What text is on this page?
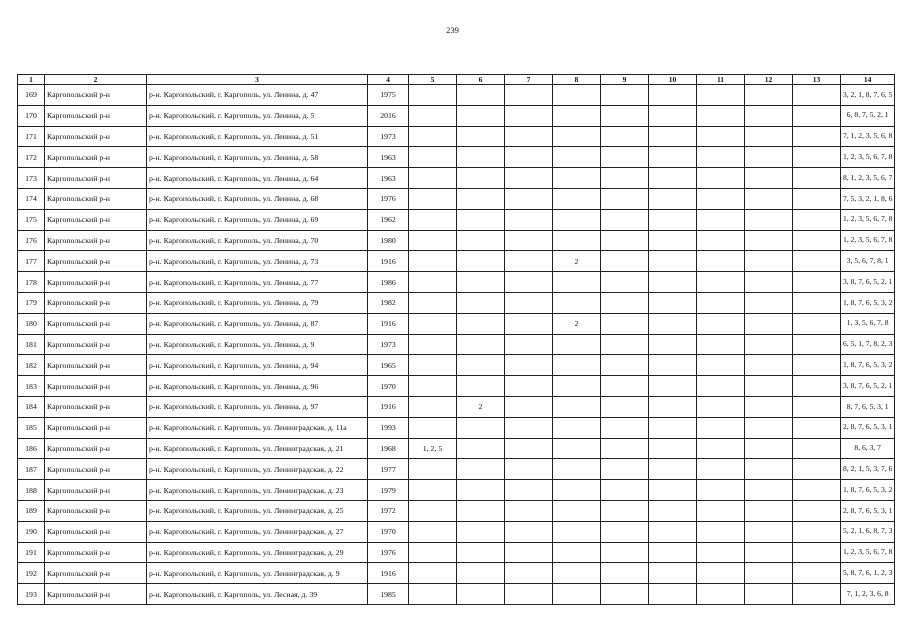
239
1	2	3	4	5	6	7	8	9	10	11	12	13	14
169	Каргопольский р-н	р-н. Каргопольский, г. Каргополь, ул. Ленина, д. 47	1975										3, 2, 1, 8, 7, 6, 5
170	Каргопольский р-н	р-н. Каргопольский, г. Каргополь, ул. Ленина, д. 5	2016										6, 8, 7, 5, 2, 1
171	Каргопольский р-н	р-н. Каргопольский, г. Каргополь, ул. Ленина, д. 51	1973										7, 1, 2, 3, 5, 6, 8
172	Каргопольский р-н	р-н. Каргопольский, г. Каргополь, ул. Ленина, д. 58	1963										1, 2, 3, 5, 6, 7, 8
173	Каргопольский р-н	р-н. Каргопольский, г. Каргополь, ул. Ленина, д. 64	1963										8, 1, 2, 3, 5, 6, 7
174	Каргопольский р-н	р-н. Каргопольский, г. Каргополь, ул. Ленина, д. 68	1976										7, 5, 3, 2, 1, 8, 6
175	Каргопольский р-н	р-н. Каргопольский, г. Каргополь, ул. Ленина, д. 69	1962										1, 2, 3, 5, 6, 7, 8
176	Каргопольский р-н	р-н. Каргопольский, г. Каргополь, ул. Ленина, д. 70	1980										1, 2, 3, 5, 6, 7, 8
177	Каргопольский р-н	р-н. Каргопольский, г. Каргополь, ул. Ленина, д. 73	1916				2						3, 5, 6, 7, 8, 1
178	Каргопольский р-н	р-н. Каргопольский, г. Каргополь, ул. Ленина, д. 77	1986										3, 8, 7, 6, 5, 2, 1
179	Каргопольский р-н	р-н. Каргопольский, г. Каргополь, ул. Ленина, д. 79	1982										1, 8, 7, 6, 5, 3, 2
180	Каргопольский р-н	р-н. Каргопольский, г. Каргополь, ул. Ленина, д. 87	1916				2						1, 3, 5, 6, 7, 8
181	Каргопольский р-н	р-н. Каргопольский, г. Каргополь, ул. Ленина, д. 9	1973										6, 5, 1, 7, 8, 2, 3
182	Каргопольский р-н	р-н. Каргопольский, г. Каргополь, ул. Ленина, д. 94	1965										1, 8, 7, 6, 5, 3, 2
183	Каргопольский р-н	р-н. Каргопольский, г. Каргополь, ул. Ленина, д. 96	1970										3, 8, 7, 6, 5, 2, 1
184	Каргопольский р-н	р-н. Каргопольский, г. Каргополь, ул. Ленина, д. 97	1916		2								8, 7, 6, 5, 3, 1
185	Каргопольский р-н	р-н. Каргопольский, г. Каргополь, ул. Ленинградская, д. 11а	1993										2, 8, 7, 6, 5, 3, 1
186	Каргопольский р-н	р-н. Каргопольский, г. Каргополь, ул. Ленинградская, д. 21	1968	1, 2, 5									8, 6, 3, 7
187	Каргопольский р-н	р-н. Каргопольский, г. Каргополь, ул. Ленинградская, д. 22	1977										8, 2, 1, 5, 3, 7, 6
188	Каргопольский р-н	р-н. Каргопольский, г. Каргополь, ул. Ленинградская, д. 23	1979										1, 8, 7, 6, 5, 3, 2
189	Каргопольский р-н	р-н. Каргопольский, г. Каргополь, ул. Ленинградская, д. 25	1972										2, 8, 7, 6, 5, 3, 1
190	Каргопольский р-н	р-н. Каргопольский, г. Каргополь, ул. Ленинградская, д. 27	1970										5, 2, 1, 6, 8, 7, 3
191	Каргопольский р-н	р-н. Каргопольский, г. Каргополь, ул. Ленинградская, д. 29	1976										1, 2, 3, 5, 6, 7, 8
192	Каргопольский р-н	р-н. Каргопольский, г. Каргополь, ул. Ленинградская, д. 9	1916										5, 8, 7, 6, 1, 2, 3
193	Каргопольский р-н	р-н. Каргопольский, г. Каргополь, ул. Лесная, д. 39	1985										7, 1, 2, 3, 6, 8
